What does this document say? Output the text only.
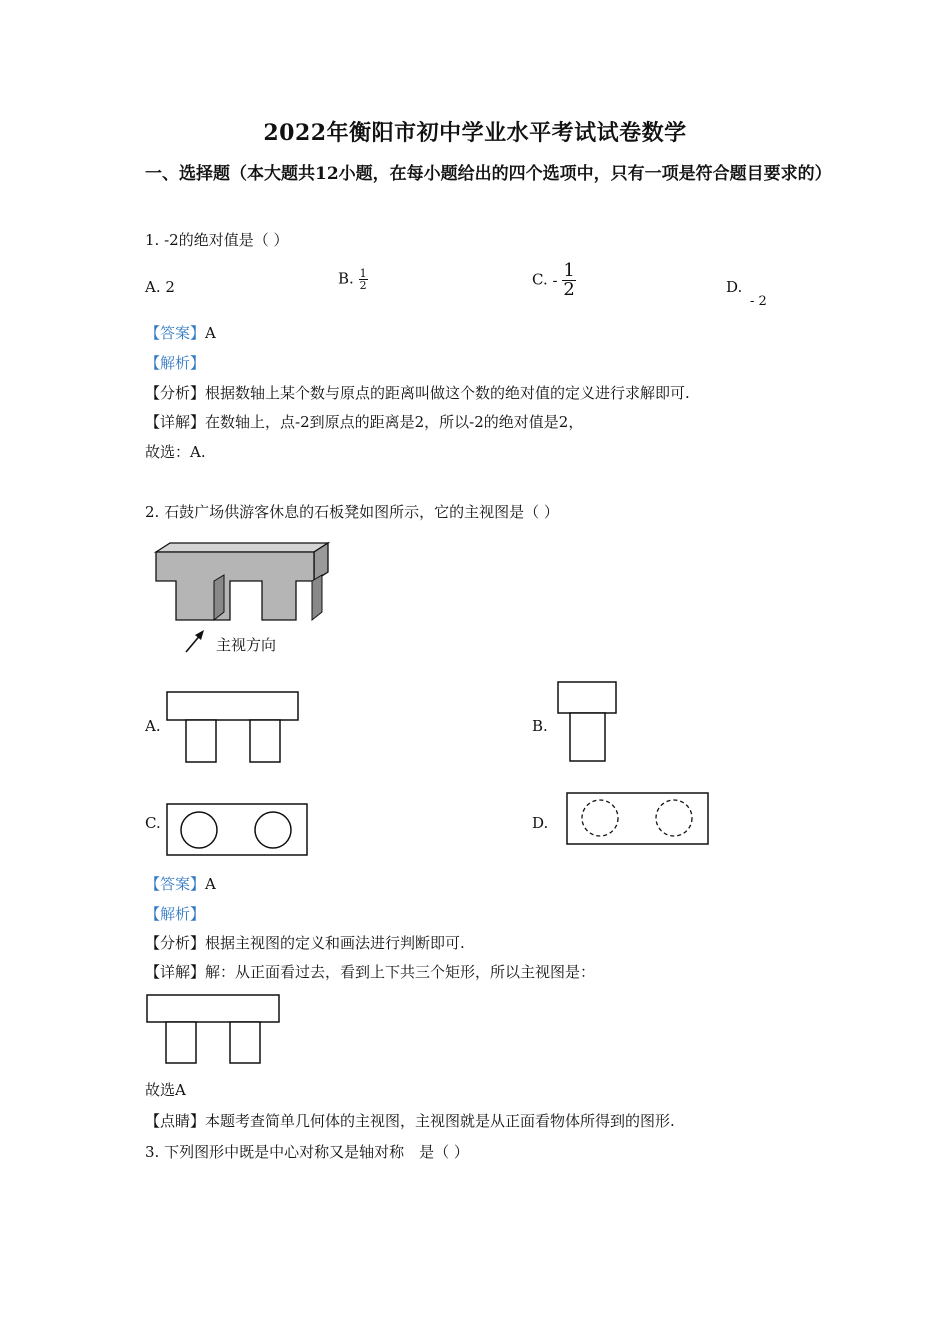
2022年衡阳市初中学业水平考试试卷数学
一、选择题（本大题共12小题，在每小题给出的四个选项中，只有一项是符合题目要求的）
1. -2的绝对值是（ ）
A. 2	B. $\frac{1}{2}$	C. - $\frac{1}{2}$	D.
- 2
【答案】A
【解析】
【分析】根据数轴上某个数与原点的距离叫做这个数的绝对值的定义进行求解即可.
【详解】在数轴上，点-2到原点的距离是2，所以-2的绝对值是2，
故选：A.
2. 石鼓广场供游客休息的石板凳如图所示，它的主视图是（ ）
主视方向
A.	B.
C.	D.
【答案】A
【解析】
【分析】根据主视图的定义和画法进行判断即可.
【详解】解：从正面看过去，看到上下共三个矩形，所以主视图是：
故选A
【点睛】本题考查简单几何体的主视图，主视图就是从正面看物体所得到的图形.
3. 下列图形中既是中心对称又是轴对称　是（ ）
